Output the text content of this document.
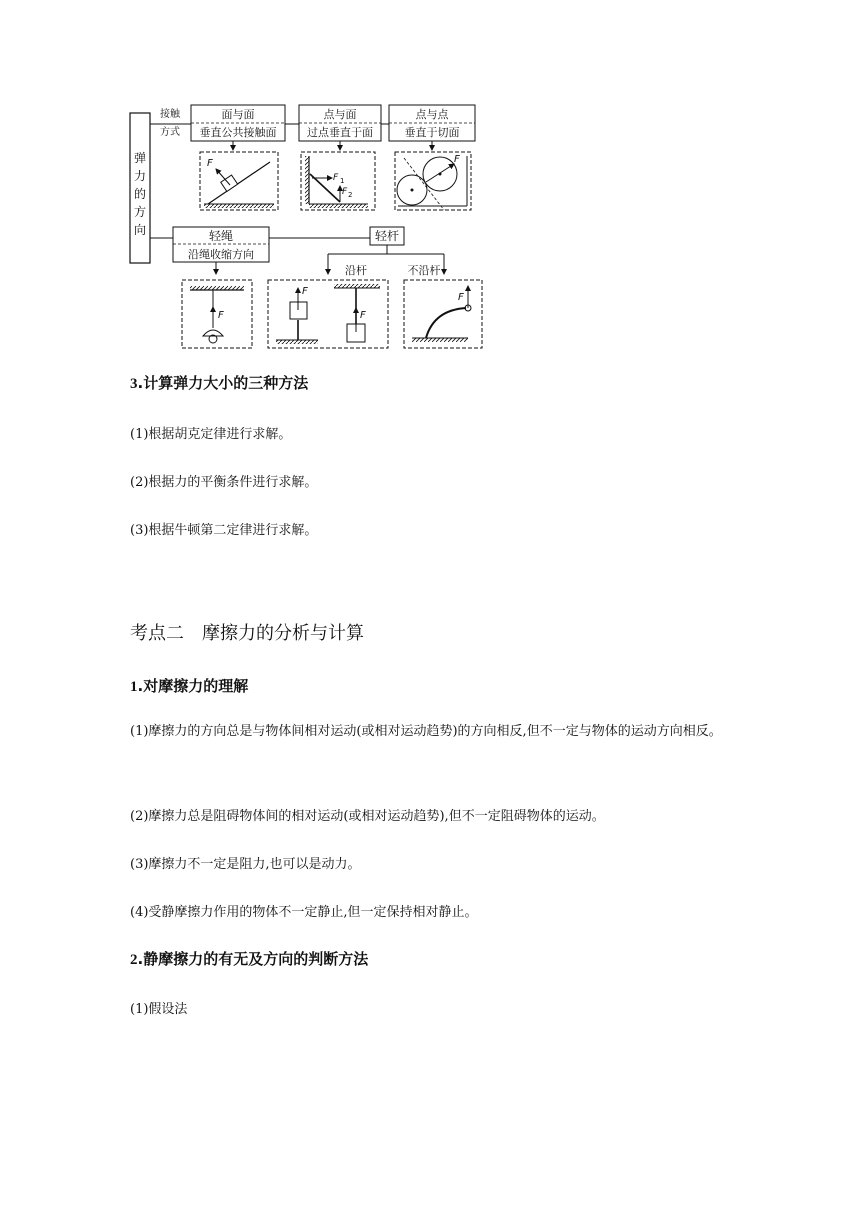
弹
力
的
方
向
接触
方式
面与面
垂直公共接触面
点与面
过点垂直于面
点与点
垂直于切面
F
F 1
F 2
F
轻绳
沿绳收缩方向
轻杆
沿杆	不沿杆
F
F
F
F
3.计算弹力大小的三种方法

(1)根据胡克定律进行求解。

(2)根据力的平衡条件进行求解。

(3)根据牛顿第二定律进行求解。

考点二　摩擦力的分析与计算
1.对摩擦力的理解

(1)摩擦力的方向总是与物体间相对运动(或相对运动趋势)的方向相反,但不一定与物体的运动方向相反。

(2)摩擦力总是阻碍物体间的相对运动(或相对运动趋势),但不一定阻碍物体的运动。

(3)摩擦力不一定是阻力,也可以是动力。

(4)受静摩擦力作用的物体不一定静止,但一定保持相对静止。

2.静摩擦力的有无及方向的判断方法

(1)假设法
